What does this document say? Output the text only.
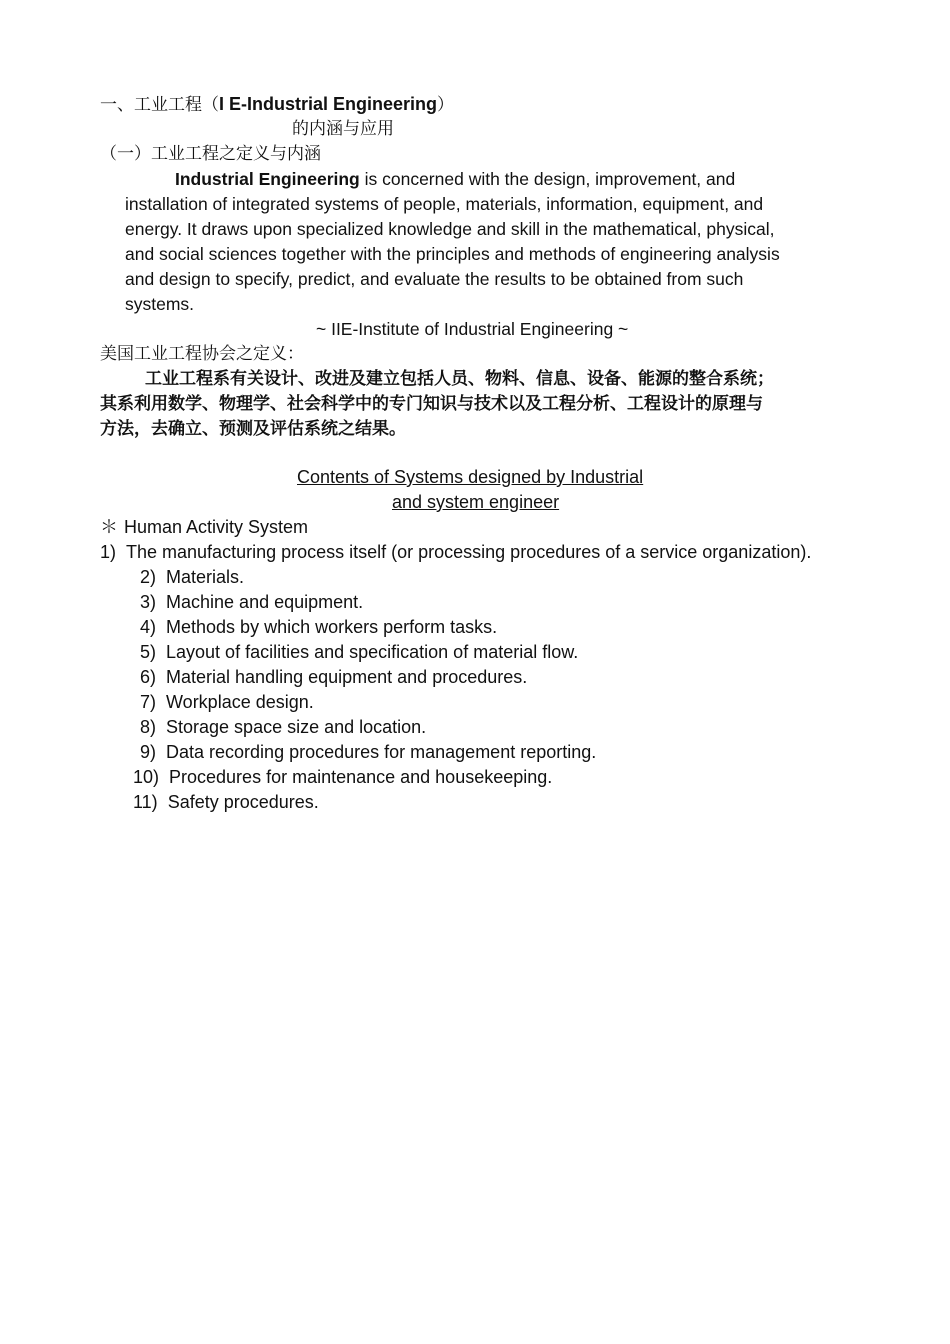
一、工业工程（I E-Industrial Engineering）
的内涵与应用
（一）工业工程之定义与内涵
Industrial Engineering is concerned with the design, improvement, and
installation of integrated systems of people, materials, information, equipment, and
energy. It draws upon specialized knowledge and skill in the mathematical, physical,
and social sciences together with the principles and methods of engineering analysis
and design to specify, predict, and evaluate the results to be obtained from such
systems.
~ IIE-Institute of Industrial Engineering ~
美国工业工程协会之定义：
工业工程系有关设计、改进及建立包括人员、物料、信息、设备、能源的整合系统；
其系利用数学、物理学、社会科学中的专门知识与技术以及工程分析、工程设计的原理与
方法，去确立、预测及评估系统之结果。
Contents of Systems designed by Industrial
and system engineer
＊ Human Activity System
1) The manufacturing process itself (or processing procedures of a service organization).
2) Materials.
3) Machine and equipment.
4) Methods by which workers perform tasks.
5) Layout of facilities and specification of material flow.
6) Material handling equipment and procedures.
7) Workplace design.
8) Storage space size and location.
9) Data recording procedures for management reporting.
10) Procedures for maintenance and housekeeping.
11) Safety procedures.
